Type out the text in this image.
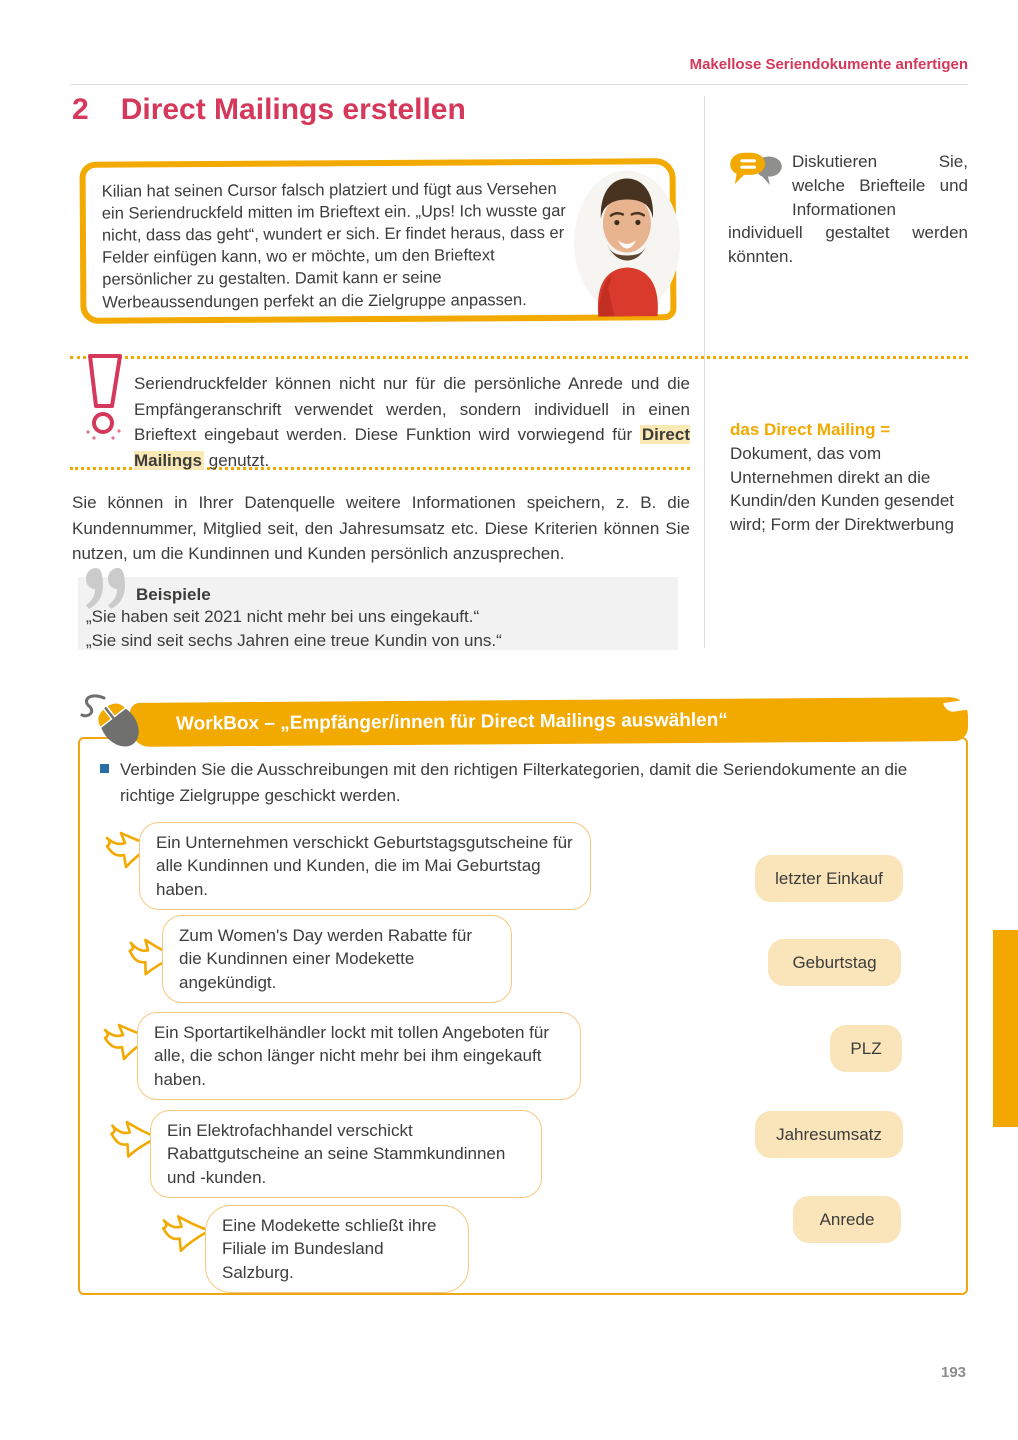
Makellose Seriendokumente anfertigen
2 Direct Mailings erstellen
Kilian hat seinen Cursor falsch platziert und fügt aus Versehen ein Seriendruckfeld mitten im Brieftext ein. „Ups! Ich wusste gar nicht, dass das geht“, wundert er sich. Er findet heraus, dass er Felder einfügen kann, wo er möchte, um den Brieftext persönlicher zu gestalten. Damit kann er seine Werbeaussendungen perfekt an die Zielgruppe anpassen.
Diskutieren Sie, welche Briefteile und Informationen individuell gestaltet werden könnten.
Seriendruckfelder können nicht nur für die persönliche Anrede und die Empfängeranschrift verwendet werden, sondern individuell in einen Brieftext eingebaut werden. Diese Funktion wird vorwiegend für Direct Mailings genutzt.
das Direct Mailing = Dokument, das vom Unternehmen direkt an die Kundin/den Kunden gesendet wird; Form der Direktwerbung
Sie können in Ihrer Datenquelle weitere Informationen speichern, z. B. die Kundennummer, Mitglied seit, den Jahresumsatz etc. Diese Kriterien können Sie nutzen, um die Kundinnen und Kunden persönlich anzusprechen.
Beispiele
„Sie haben seit 2021 nicht mehr bei uns eingekauft.“
„Sie sind seit sechs Jahren eine treue Kundin von uns.“
WorkBox – „Empfänger/innen für Direct Mailings auswählen“
Verbinden Sie die Ausschreibungen mit den richtigen Filterkategorien, damit die Seriendokumente an die richtige Zielgruppe geschickt werden.
Ein Unternehmen verschickt Geburtstagsgutscheine für alle Kundinnen und Kunden, die im Mai Geburtstag haben.
Zum Women's Day werden Rabatte für die Kundinnen einer Modekette angekündigt.
Ein Sportartikelhändler lockt mit tollen Angeboten für alle, die schon länger nicht mehr bei ihm eingekauft haben.
Ein Elektrofachhandel verschickt Rabattgutscheine an seine Stammkundinnen und -kunden.
Eine Modekette schließt ihre Filiale im Bundesland Salzburg.
letzter Einkauf
Geburtstag
PLZ
Jahresumsatz
Anrede
193
